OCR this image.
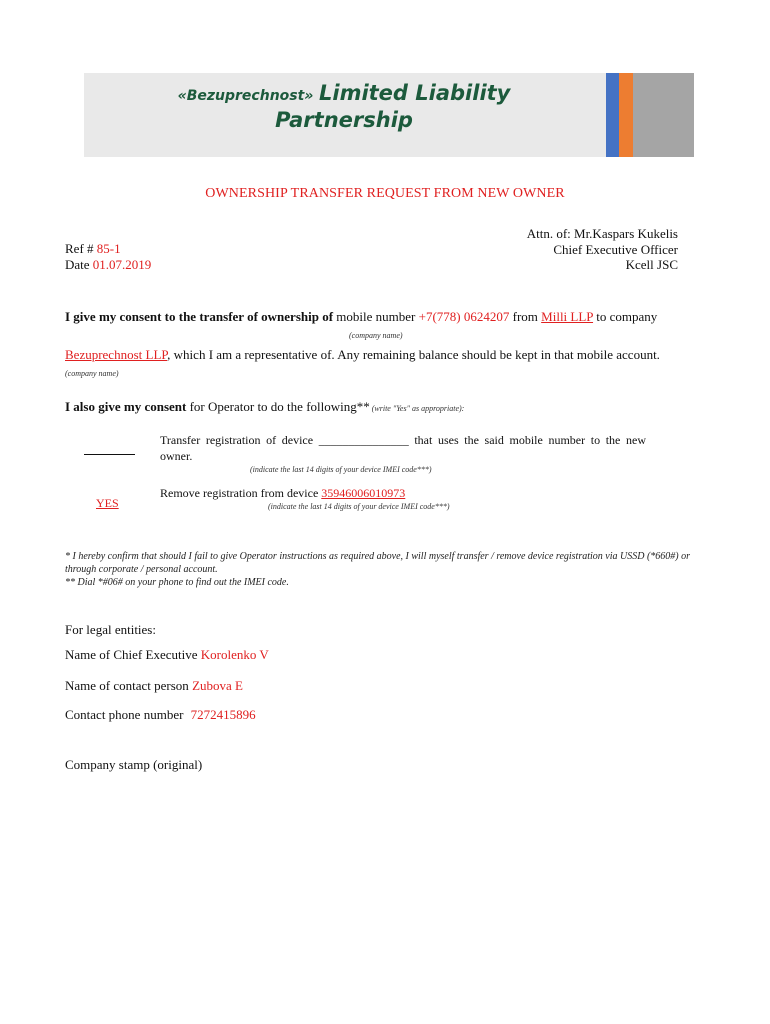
«Bezuprechnost» Limited Liability
Partnership
OWNERSHIP TRANSFER REQUEST FROM NEW OWNER
Attn. of: Mr.Kaspars Kukelis
Chief Executive Officer
Kcell JSC
Ref # 85-1
Date 01.07.2019
I give my consent to the transfer of ownership of mobile number +7(778) 0624207 from Milli LLP to company
(company name)
Bezuprechnost LLP, which I am a representative of. Any remaining balance should be kept in that mobile account.
(company name)
I also give my consent for Operator to do the following** (write "Yes" as appropriate):
Transfer registration of device _______________ that uses the said mobile number to the new owner.
(indicate the last 14 digits of your device IMEI code***)
YES
Remove registration from device 35946006010973
(indicate the last 14 digits of your device IMEI code***)
* I hereby confirm that should I fail to give Operator instructions as required above, I will myself transfer / remove device registration via USSD (*660#) or through corporate / personal account.
** Dial *#06# on your phone to find out the IMEI code.
For legal entities:
Name of Chief Executive Korolenko V
Name of contact person Zubova E
Contact phone number 7272415896
Company stamp (original)
